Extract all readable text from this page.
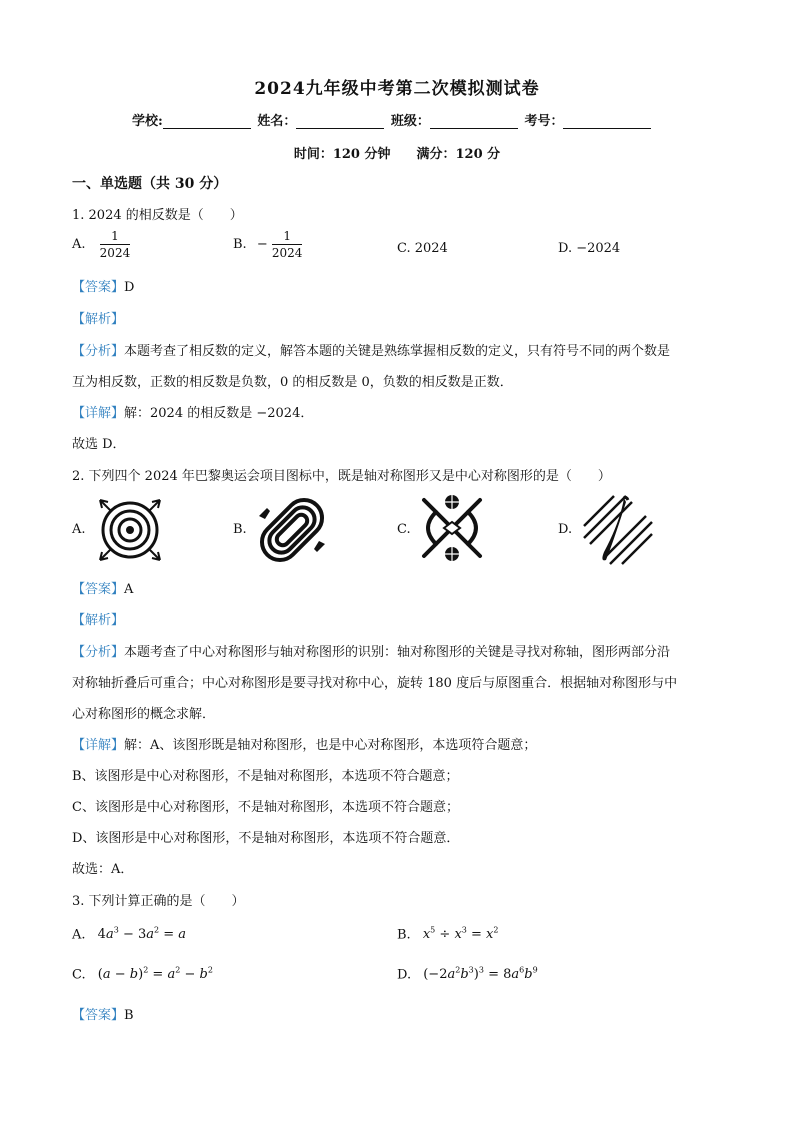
2024九年级中考第二次模拟测试卷
学校:	姓名：	班级：	考号：
时间：120 分钟　　满分：120 分
一、单选题（共 30 分）
1. 2024 的相反数是（　　）
A. $\frac{1}{2024}$	B. − $\frac{1}{2024}$	C. 2024	D. −2024
【答案】D
【解析】
【分析】本题考查了相反数的定义，解答本题的关键是熟练掌握相反数的定义，只有符号不同的两个数是
互为相反数，正数的相反数是负数，0 的相反数是 0，负数的相反数是正数．
【详解】解：2024 的相反数是 −2024．
故选 D．
2. 下列四个 2024 年巴黎奥运会项目图标中，既是轴对称图形又是中心对称图形的是（　　）
A.	B.	C.	D.
【答案】A
【解析】
【分析】本题考查了中心对称图形与轴对称图形的识别：轴对称图形的关键是寻找对称轴，图形两部分沿
对称轴折叠后可重合；中心对称图形是要寻找对称中心，旋转 180 度后与原图重合．根据轴对称图形与中
心对称图形的概念求解．
【详解】解：A、该图形既是轴对称图形，也是中心对称图形，本选项符合题意；
B、该图形是中心对称图形，不是轴对称图形，本选项不符合题意；
C、该图形是中心对称图形，不是轴对称图形，本选项不符合题意；
D、该图形是中心对称图形，不是轴对称图形，本选项不符合题意．
故选：A．
3. 下列计算正确的是（　　）
A. $4a^3 - 3a^2 = a$	B. $x^5 \div x^3 = x^2$
C. $(a - b)^2 = a^2 - b^2$	D. $(-2a^2b^3)^3 = 8a^6b^9$
【答案】B
